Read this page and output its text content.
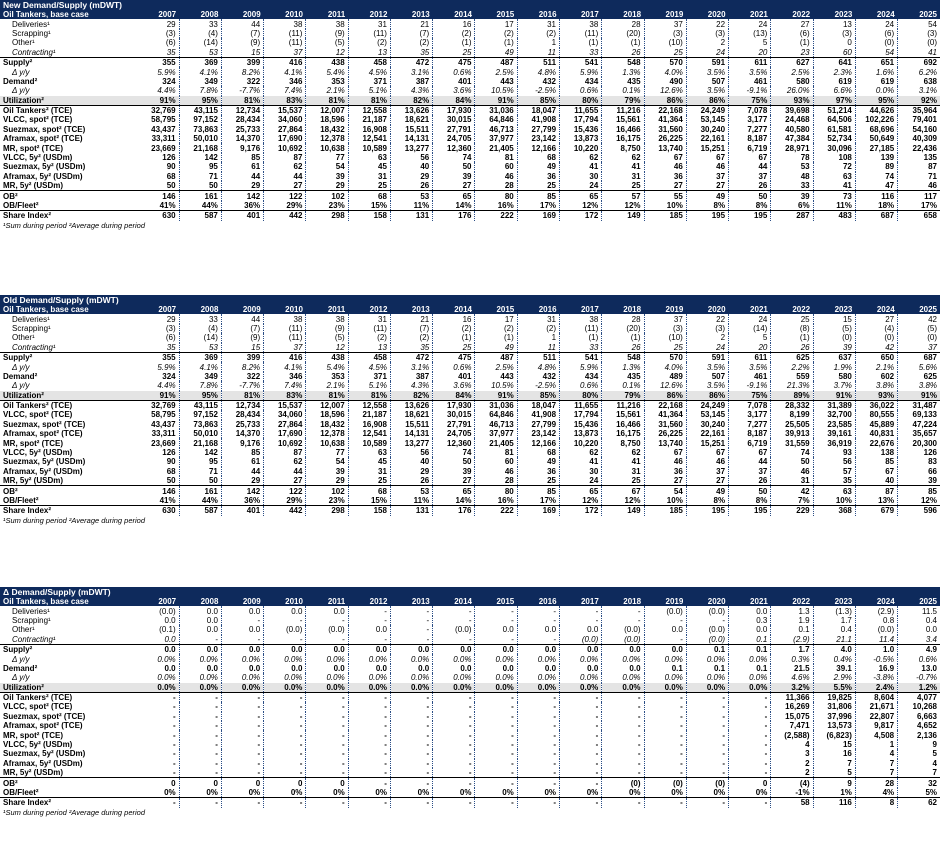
New Demand/Supply (mDWT)
Oil Tankers, base case	2007	2008	2009	2010	2011	2012	2013	2014	2015	2016	2017	2018	2019	2020	2021	2022	2023	2024	2025
Deliveries¹	29	33	44	38	38	31	21	16	17	31	38	28	37	22	24	27	13	24	54
Scrapping¹	(3)	(4)	(7)	(11)	(9)	(11)	(7)	(2)	(2)	(2)	(11)	(20)	(3)	(3)	(13)	(6)	(3)	(6)	(3)
Other¹	(6)	(14)	(9)	(11)	(5)	(2)	(2)	(1)	(1)	1	(1)	(1)	(10)	2	5	(1)	0	(0)	(0)
Contracting¹	35	53	15	37	12	13	35	25	49	11	33	26	25	24	20	23	60	54	41
Supply²	355	369	399	416	438	458	472	475	487	511	541	548	570	591	611	627	641	651	692
Δ y/y	5.9%	4.1%	8.2%	4.1%	5.4%	4.5%	3.1%	0.6%	2.5%	4.8%	5.9%	1.3%	4.0%	3.5%	3.5%	2.5%	2.3%	1.6%	6.2%
Demand²	324	349	322	346	353	371	387	401	443	432	434	435	490	507	461	580	619	619	638
Δ y/y	4.4%	7.8%	-7.7%	7.4%	2.1%	5.1%	4.3%	3.6%	10.5%	-2.5%	0.6%	0.1%	12.6%	3.5%	-9.1%	26.0%	6.6%	0.0%	3.1%
Utilization²	91%	95%	81%	83%	81%	81%	82%	84%	91%	85%	80%	79%	86%	86%	75%	93%	97%	95%	92%
Oil Tankers² (TCE)	32,769	43,115	12,734	15,537	12,007	12,558	13,626	17,930	31,036	18,047	11,655	11,216	22,168	24,249	7,078	39,698	51,214	44,626	35,964
VLCC, spot² (TCE)	58,795	97,152	28,434	34,060	18,596	21,187	18,621	30,015	64,846	41,908	17,794	15,561	41,364	53,145	3,177	24,468	64,506	102,226	79,401
Suezmax, spot² (TCE)	43,437	73,863	25,733	27,864	18,432	16,908	15,511	27,791	46,713	27,799	15,436	16,466	31,560	30,240	7,277	40,580	61,581	68,696	54,160
Aframax, spot² (TCE)	33,311	50,010	14,370	17,690	12,378	12,541	14,131	24,705	37,977	23,142	13,873	16,175	26,225	22,161	8,187	47,384	52,734	50,649	40,309
MR, spot² (TCE)	23,669	21,168	9,176	10,692	10,638	10,589	13,277	12,360	21,405	12,166	10,220	8,750	13,740	15,251	6,719	28,971	30,096	27,185	22,436
VLCC, 5y² (USDm)	126	142	85	87	77	63	56	74	81	68	62	62	67	67	67	78	108	139	135
Suezmax, 5y² (USDm)	90	95	61	62	54	45	40	50	60	49	41	41	46	46	44	53	72	89	87
Aframax, 5y² (USDm)	68	71	44	44	39	31	29	39	46	36	30	31	36	37	37	48	63	74	71
MR, 5y² (USDm)	50	50	29	27	29	25	26	27	28	25	24	25	27	27	26	33	41	47	46
OB²	146	161	142	122	102	68	53	65	80	85	65	57	55	49	50	39	73	116	117
OB/Fleet²	41%	44%	36%	29%	23%	15%	11%	14%	16%	17%	12%	12%	10%	8%	8%	6%	11%	18%	17%
Share Index²	630	587	401	442	298	158	131	176	222	169	172	149	185	195	195	287	483	687	658
¹Sum during period ²Average during period																			
Old Demand/Supply (mDWT)
Oil Tankers, base case	2007	2008	2009	2010	2011	2012	2013	2014	2015	2016	2017	2018	2019	2020	2021	2022	2023	2024	2025
Deliveries¹	29	33	44	38	38	31	21	16	17	31	38	28	37	22	24	25	15	27	42
Scrapping¹	(3)	(4)	(7)	(11)	(9)	(11)	(7)	(2)	(2)	(2)	(11)	(20)	(3)	(3)	(14)	(8)	(5)	(4)	(5)
Other¹	(6)	(14)	(9)	(11)	(5)	(2)	(2)	(1)	(1)	1	(1)	(1)	(10)	2	5	(1)	(0)	(0)	(0)
Contracting¹	35	53	15	37	12	13	35	25	49	11	33	26	25	24	20	26	39	42	37
Supply²	355	369	399	416	438	458	472	475	487	511	541	548	570	591	611	625	637	650	687
Δ y/y	5.9%	4.1%	8.2%	4.1%	5.4%	4.5%	3.1%	0.6%	2.5%	4.8%	5.9%	1.3%	4.0%	3.5%	3.5%	2.2%	1.9%	2.1%	5.6%
Demand²	324	349	322	346	353	371	387	401	443	432	434	435	489	507	461	559	580	602	625
Δ y/y	4.4%	7.8%	-7.7%	7.4%	2.1%	5.1%	4.3%	3.6%	10.5%	-2.5%	0.6%	0.1%	12.6%	3.5%	-9.1%	21.3%	3.7%	3.8%	3.8%
Utilization²	91%	95%	81%	83%	81%	81%	82%	84%	91%	85%	80%	79%	86%	86%	75%	89%	91%	93%	91%
Oil Tankers² (TCE)	32,769	43,115	12,734	15,537	12,007	12,558	13,626	17,930	31,036	18,047	11,655	11,216	22,168	24,249	7,078	28,332	31,389	36,022	31,487
VLCC, spot² (TCE)	58,795	97,152	28,434	34,060	18,596	21,187	18,621	30,015	64,846	41,908	17,794	15,561	41,364	53,145	3,177	8,199	32,700	80,555	69,133
Suezmax, spot² (TCE)	43,437	73,863	25,733	27,864	18,432	16,908	15,511	27,791	46,713	27,799	15,436	16,466	31,560	30,240	7,277	25,505	23,585	45,889	47,224
Aframax, spot² (TCE)	33,311	50,010	14,370	17,690	12,378	12,541	14,131	24,705	37,977	23,142	13,873	16,175	26,225	22,161	8,187	39,913	39,161	40,831	35,657
MR, spot² (TCE)	23,669	21,168	9,176	10,692	10,638	10,589	13,277	12,360	21,405	12,166	10,220	8,750	13,740	15,251	6,719	31,559	36,919	22,676	20,300
VLCC, 5y² (USDm)	126	142	85	87	77	63	56	74	81	68	62	62	67	67	67	74	93	138	126
Suezmax, 5y² (USDm)	90	95	61	62	54	45	40	50	60	49	41	41	46	46	44	50	56	85	83
Aframax, 5y² (USDm)	68	71	44	44	39	31	29	39	46	36	30	31	36	37	37	46	57	67	66
MR, 5y² (USDm)	50	50	29	27	29	25	26	27	28	25	24	25	27	27	26	31	35	40	39
OB²	146	161	142	122	102	68	53	65	80	85	65	67	54	49	50	42	63	87	85
OB/Fleet²	41%	44%	36%	29%	23%	15%	11%	14%	16%	17%	12%	12%	10%	8%	8%	7%	10%	13%	12%
Share Index²	630	587	401	442	298	158	131	176	222	169	172	149	185	195	195	229	368	679	596
¹Sum during period ²Average during period																			
Δ Demand/Supply (mDWT)
Oil Tankers, base case	2007	2008	2009	2010	2011	2012	2013	2014	2015	2016	2017	2018	2019	2020	2021	2022	2023	2024	2025
Deliveries¹	(0.0)	0.0	0.0	0.0	0.0	-	-	-	-	-	-	-	(0.0)	(0.0)	0.0	1.3	(1.3)	(2.9)	11.5
Scrapping¹	0.0	0.0	-	-	-	-	-	-	-	-	-	-	-	-	0.3	1.9	1.7	0.8	0.4
Other¹	(0.1)	0.0	0.0	(0.0)	(0.0)	0.0	-	(0.0)	0.0	0.0	0.0	(0.0)	0.0	(0.0)	0.0	0.1	0.4	(0.0)	0.0
Contracting¹	0.0	-	-	-	-	-	-	-	-	-	(0.0)	(0.0)	-	(0.0)	0.1	(2.9)	21.1	11.4	3.4
Supply²	0.0	0.0	0.0	0.0	0.0	0.0	0.0	0.0	0.0	0.0	0.0	0.0	0.0	0.1	0.1	1.7	4.0	1.0	4.9
Δ y/y	0.0%	0.0%	0.0%	0.0%	0.0%	0.0%	0.0%	0.0%	0.0%	0.0%	0.0%	0.0%	0.0%	0.0%	0.0%	0.3%	0.4%	-0.5%	0.6%
Demand²	0.0	0.0	0.0	0.0	0.0	0.0	0.0	0.0	0.0	0.0	0.0	0.0	0.1	0.1	0.1	21.5	39.1	16.9	13.0
Δ y/y	0.0%	0.0%	0.0%	0.0%	0.0%	0.0%	0.0%	0.0%	0.0%	0.0%	0.0%	0.0%	0.0%	0.0%	0.0%	4.6%	2.9%	-3.8%	-0.7%
Utilization²	0.0%	0.0%	0.0%	0.0%	0.0%	0.0%	0.0%	0.0%	0.0%	0.0%	0.0%	0.0%	0.0%	0.0%	0.0%	3.2%	5.5%	2.4%	1.2%
Oil Tankers² (TCE)	-	-	-	-	-	-	-	-	-	-	-	-	-	-	-	11,366	19,825	8,604	4,077
VLCC, spot² (TCE)	-	-	-	-	-	-	-	-	-	-	-	-	-	-	-	16,269	31,806	21,671	10,268
Suezmax, spot² (TCE)	-	-	-	-	-	-	-	-	-	-	-	-	-	-	-	15,075	37,996	22,807	6,663
Aframax, spot² (TCE)	-	-	-	-	-	-	-	-	-	-	-	-	-	-	-	7,471	13,573	9,817	4,652
MR, spot² (TCE)	-	-	-	-	-	-	-	-	-	-	-	-	-	-	-	(2,588)	(6,823)	4,508	2,136
VLCC, 5y² (USDm)	-	-	-	-	-	-	-	-	-	-	-	-	-	-	-	4	15	1	9
Suezmax, 5y² (USDm)	-	-	-	-	-	-	-	-	-	-	-	-	-	-	-	3	16	4	5
Aframax, 5y² (USDm)	-	-	-	-	-	-	-	-	-	-	-	-	-	-	-	2	7	7	4
MR, 5y² (USDm)	-	-	-	-	-	-	-	-	-	-	-	-	-	-	-	2	5	7	7
OB²	0	0	0	0	0	-	-	-	-	-	-	(0)	(0)	(0)	0	(4)	9	28	32
OB/Fleet²	0%	0%	0%	0%	0%	0%	0%	0%	0%	0%	0%	0%	0%	0%	0%	-1%	1%	4%	5%
Share Index²	-	-	-	-	-	-	-	-	-	-	-	-	-	-	-	58	116	8	62
¹Sum during period ²Average during period																			
